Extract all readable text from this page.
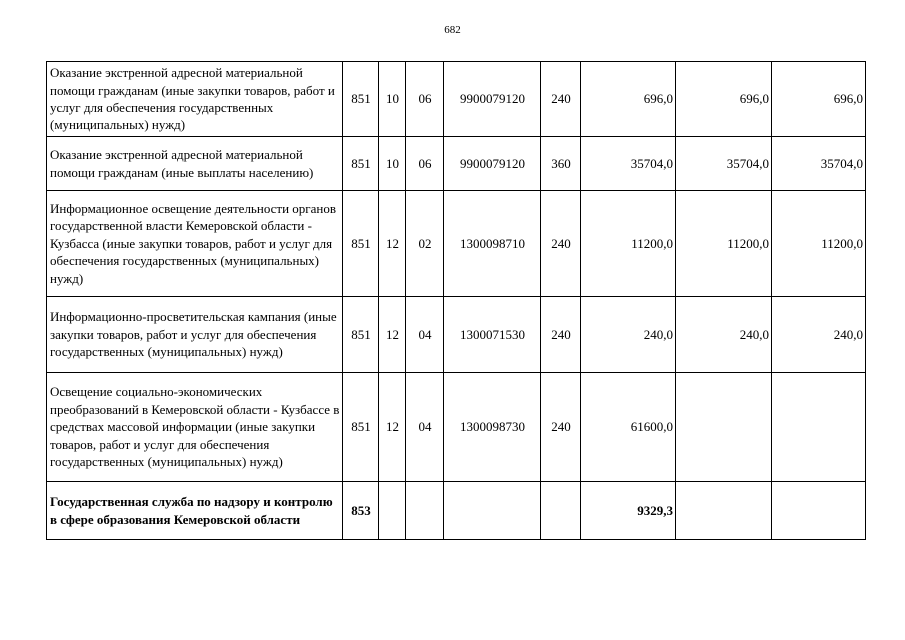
682
Оказание экстренной адресной материальной помощи гражданам (иные закупки товаров, работ и услуг для обеспечения государственных (муниципальных) нужд)	851	10	06	9900079120	240	696,0	696,0	696,0
Оказание экстренной адресной материальной помощи гражданам (иные выплаты населению)	851	10	06	9900079120	360	35704,0	35704,0	35704,0
Информационное освещение деятельности органов государственной власти Кемеровской области - Кузбасса (иные закупки товаров, работ и услуг для обеспечения государственных (муниципальных) нужд)	851	12	02	1300098710	240	11200,0	11200,0	11200,0
Информационно-просветительская кампания (иные закупки товаров, работ и услуг для обеспечения государственных (муниципальных) нужд)	851	12	04	1300071530	240	240,0	240,0	240,0
Освещение социально-экономических преобразований в Кемеровской области - Кузбассе в средствах массовой информации (иные закупки товаров, работ и услуг для обеспечения государственных (муниципальных) нужд)	851	12	04	1300098730	240	61600,0		
Государственная служба по надзору и контролю в сфере образования Кемеровской области	853					9329,3		
